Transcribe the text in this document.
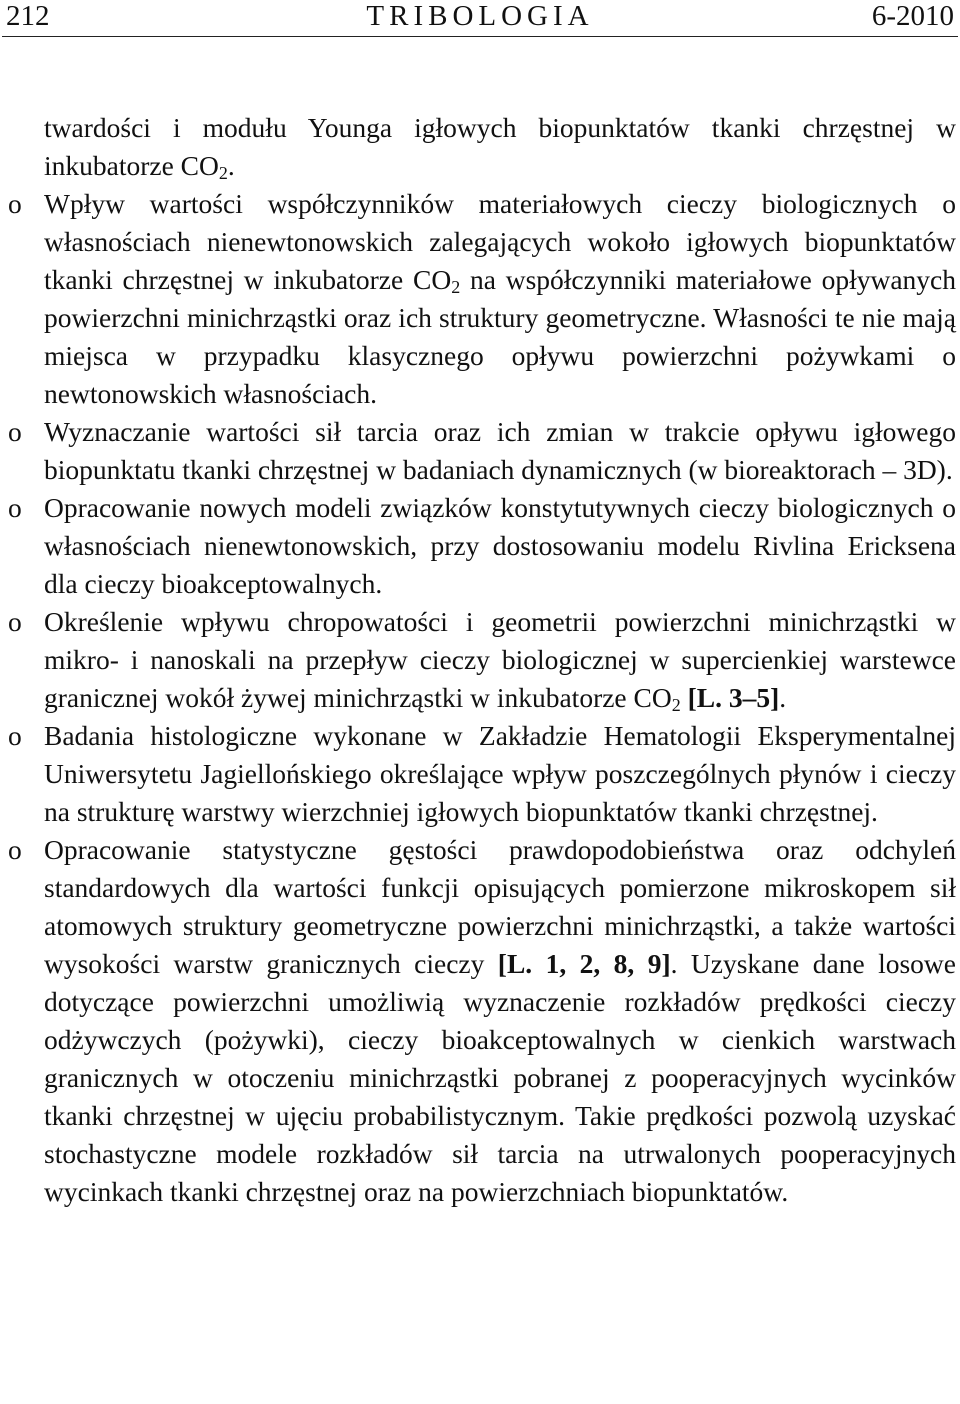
212	TRIBOLOGIA	6-2010

twardości i modułu Younga igłowych biopunktatów tkanki chrzęstnej w inkubatorze $CO_2$.

o Wpływ wartości współczynników materiałowych cieczy biologicznych o własnościach nienewtonowskich zalegających wokoło igłowych biopunktatów tkanki chrzęstnej w inkubatorze $CO_2$ na współczynniki materiałowe opływanych powierzchni minichrząstki oraz ich struktury geometryczne. Własności te nie mają miejsca w przypadku klasycznego opływu powierzchni pożywkami o newtonowskich własnościach.
o Wyznaczanie wartości sił tarcia oraz ich zmian w trakcie opływu igłowego biopunktatu tkanki chrzęstnej w badaniach dynamicznych (w bioreaktorach – 3D).
o Opracowanie nowych modeli związków konstytutywnych cieczy biologicznych o własnościach nienewtonowskich, przy dostosowaniu modelu Rivlina Ericksena dla cieczy bioakceptowalnych.
o Określenie wpływu chropowatości i geometrii powierzchni minichrząstki w mikro- i nanoskali na przepływ cieczy biologicznej w supercienkiej warstewce granicznej wokół żywej minichrząstki w inkubatorze $CO_2$ [L. 3–5].
o Badania histologiczne wykonane w Zakładzie Hematologii Eksperymentalnej Uniwersytetu Jagiellońskiego określające wpływ poszczególnych płynów i cieczy na strukturę warstwy wierzchniej igłowych biopunktatów tkanki chrzęstnej.
o Opracowanie statystyczne gęstości prawdopodobieństwa oraz odchyleń standardowych dla wartości funkcji opisujących pomierzone mikroskopem sił atomowych struktury geometryczne powierzchni minichrząstki, a także wartości wysokości warstw granicznych cieczy [L. 1, 2, 8, 9]. Uzyskane dane losowe dotyczące powierzchni umożliwią wyznaczenie rozkładów prędkości cieczy odżywczych (pożywki), cieczy bioakceptowalnych w cienkich warstwach granicznych w otoczeniu minichrząstki pobranej z pooperacyjnych wycinków tkanki chrzęstnej w ujęciu probabilistycznym. Takie prędkości pozwolą uzyskać stochastyczne modele rozkładów sił tarcia na utrwalonych pooperacyjnych wycinkach tkanki chrzęstnej oraz na powierzchniach biopunktatów.
